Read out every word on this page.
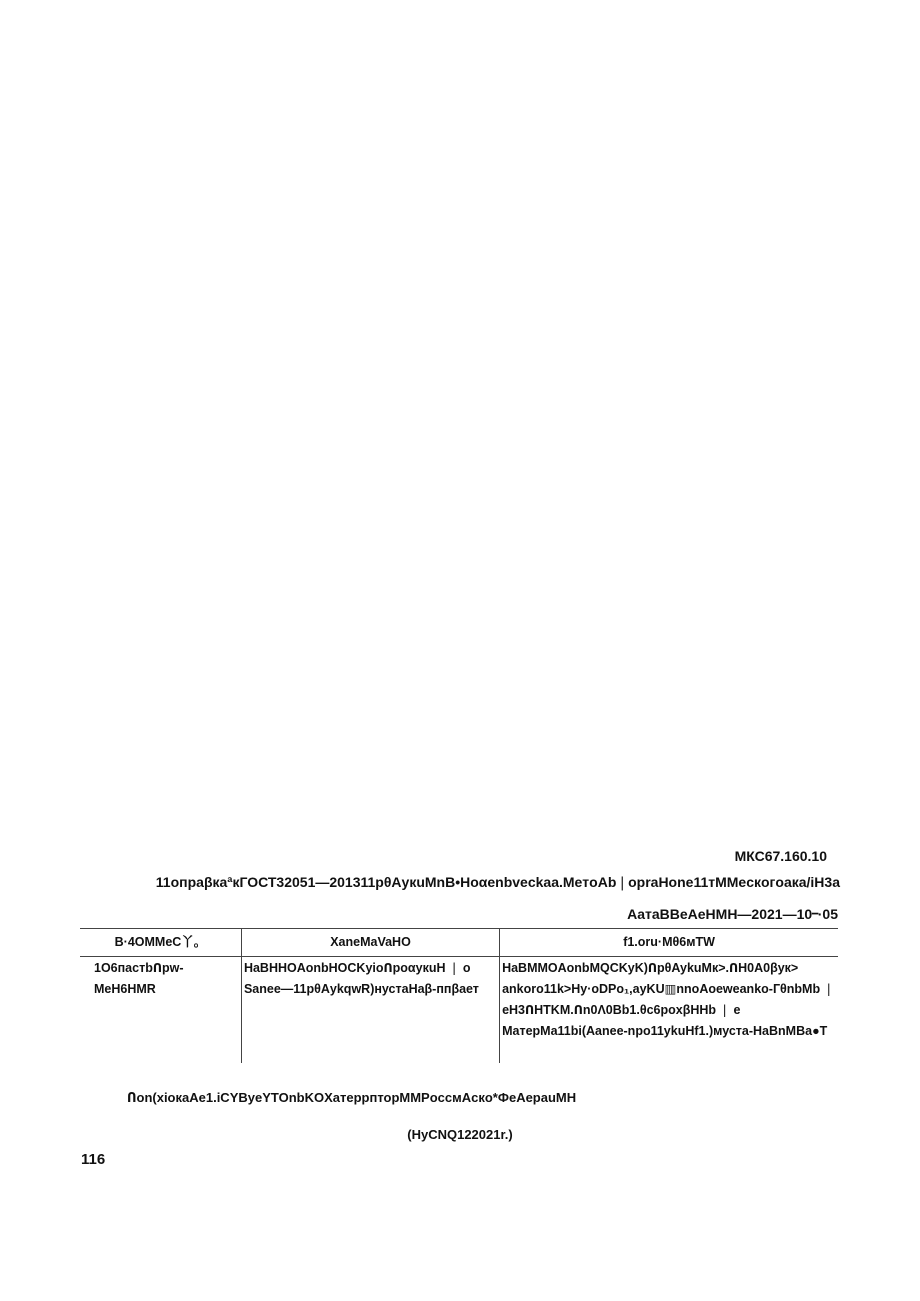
МКС67.160.10
11опраβкаªкГОСТ32051—201311рθАукuMnB•Hoαenbveckaa.MeтoAb❘opraHone11тMMeскoгoaкa/iH3a
AaтaBBeAeHMH—2021—10᠆·05
B·4OMMeC丫。	XaneMaVaHO	f1.oru·Mθ6мTW

1O6пастbՈpw-MeH6HMR	HaBHHOAonbHOCKyioՈpoαyкuH ❘ o Sanee—11рθАуkqwR)нустаНаβ-ппβает	HaBMMOAonbMQCKyK)ՈpθAykuMк>.ՈH0A0βyк> ankoro11k>Hy·oDPo₁,ayKU▥nnoAoeweanko-ГθnbMb ❘ eH3ՈHTKM.Ոn0Λ0Bb1.θc6poxβHHb ❘ e MaтepMa11bi(Aanee-npo11ykuHf1.)муста-HaBnMBa●T
Ոon(хioкaAe1.iCYByeYTOnbKOXатeррпторMMPоccмAcкo*ФeAepauMH
(HyCNQ122021r.)
116
